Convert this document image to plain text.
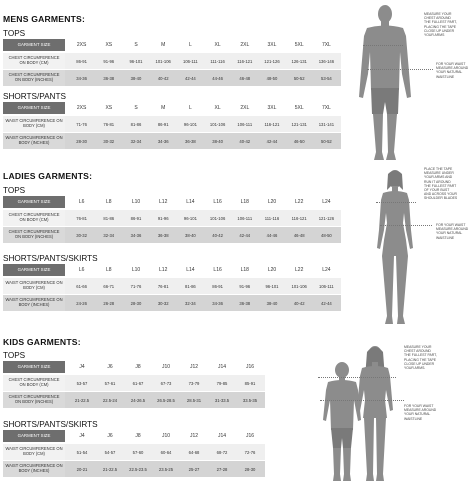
MENS GARMENTS:
TOPS
GARMENT SIZE	2XS	XS	S	M	L	XL	2XL	3XL	5XL	7XL
CHEST CIRCUMFERENCE ON BODY (CM)	86-91	91-96	96-101	101-106	106-111	111-116	116-121	121-126	126-131	136-146
CHEST CIRCUMFERENCE ON BODY (INCHES)	34-36	36-38	38-40	40-42	42-44	44-46	46-48	48-50	50-52	53-54
SHORTS/PANTS
GARMENT SIZE	2XS	XS	S	M	L	XL	2XL	3XL	5XL	7XL
WAIST CIRCUMFERENCE ON BODY (CM)	71-76	76-81	81-86	86-91	96-101	101-106	106-111	116-121	121-131	131-141
WAIST CIRCUMFERENCE ON BODY (INCHES)	28-30	30-32	32-34	34-36	36-38	38-40	40-42	42-44	46-50	50-52
LADIES GARMENTS:
TOPS
GARMENT SIZE	L6	L8	L10	L12	L14	L16	L18	L20	L22	L24
CHEST CIRCUMFERENCE ON BODY (CM)	76-81	81-86	86-91	91-96	96-101	101-106	106-111	111-116	116-121	121-126
CHEST CIRCUMFERENCE ON BODY (INCHES)	30-32	32-34	34-36	36-38	38-40	40-42	42-44	44-46	46-48	48-50
SHORTS/PANTS/SKIRTS
GARMENT SIZE	L6	L8	L10	L12	L14	L16	L18	L20	L22	L24
WAIST CIRCUMFERENCE ON BODY (CM)	61-66	66-71	71-76	76-81	81-86	86-91	91-96	96-101	101-106	106-111
WAIST CIRCUMFERENCE ON BODY (INCHES)	24-26	26-28	28-30	30-32	32-34	34-36	36-38	38-40	40-42	42-44
KIDS GARMENTS:
TOPS
GARMENT SIZE	J4	J6	J8	J10	J12	J14	J16
CHEST CIRCUMFERENCE ON BODY (CM)	53-57	57-61	61-67	67-73	73-79	79-85	85-91
CHEST CIRCUMFERENCE ON BODY (INCHES)	21-22.5	22.5-24	24-26.5	26.5-28.5	28.5-31	31-33.5	33.5-35
SHORTS/PANTS/SKIRTS
GARMENT SIZE	J4	J6	J8	J10	J12	J14	J16
WAIST CIRCUMFERENCE ON BODY (CM)	51-54	54-57	57-60	60-64	64-68	68-72	72-76
WAIST CIRCUMFERENCE ON BODY (INCHES)	20-21	21-22.5	22.5-23.5	23.5-25	25-27	27-28	28-30
MEASURE YOUR
CHEST AROUND
THE FULLEST PART,
PLACING THE TAPE
CLOSE UP UNDER
YOUR ARMS
FOR YOUR WAIST
MEASURE AROUND
YOUR NATURAL
WAISTLINE
PLACE THE TAPE
MEASURE UNDER
YOUR ARMS AND
RUN IT AROUND
THE FULLEST PART
OF YOUR BUST
AND ACROSS YOUR
SHOULDER BLADES
FOR YOUR WAIST
MEASURE AROUND
YOUR NATURAL
WAISTLINE
MEASURE YOUR
CHEST AROUND
THE FULLEST PART,
PLACING THE TAPE
CLOSE UP UNDER
YOUR ARMS.
FOR YOUR WAIST
MEASURE AROUND
YOUR NATURAL
WAISTLINE
